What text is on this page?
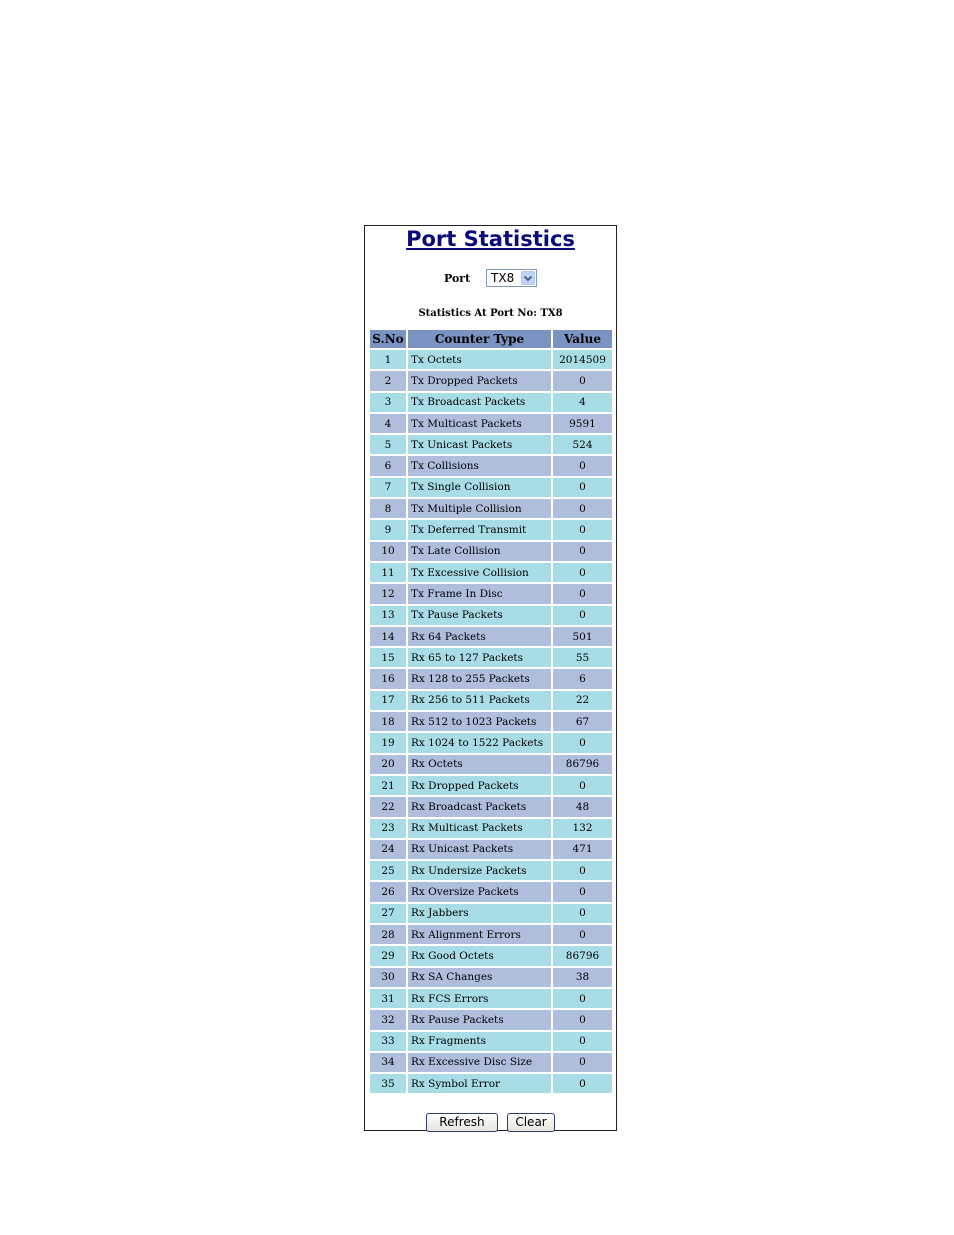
Port Statistics
Port TX8
Statistics At Port No: TX8
S.No	Counter Type	Value
1	Tx Octets	2014509
2	Tx Dropped Packets	0
3	Tx Broadcast Packets	4
4	Tx Multicast Packets	9591
5	Tx Unicast Packets	524
6	Tx Collisions	0
7	Tx Single Collision	0
8	Tx Multiple Collision	0
9	Tx Deferred Transmit	0
10	Tx Late Collision	0
11	Tx Excessive Collision	0
12	Tx Frame In Disc	0
13	Tx Pause Packets	0
14	Rx 64 Packets	501
15	Rx 65 to 127 Packets	55
16	Rx 128 to 255 Packets	6
17	Rx 256 to 511 Packets	22
18	Rx 512 to 1023 Packets	67
19	Rx 1024 to 1522 Packets	0
20	Rx Octets	86796
21	Rx Dropped Packets	0
22	Rx Broadcast Packets	48
23	Rx Multicast Packets	132
24	Rx Unicast Packets	471
25	Rx Undersize Packets	0
26	Rx Oversize Packets	0
27	Rx Jabbers	0
28	Rx Alignment Errors	0
29	Rx Good Octets	86796
30	Rx SA Changes	38
31	Rx FCS Errors	0
32	Rx Pause Packets	0
33	Rx Fragments	0
34	Rx Excessive Disc Size	0
35	Rx Symbol Error	0
Refresh	Clear
